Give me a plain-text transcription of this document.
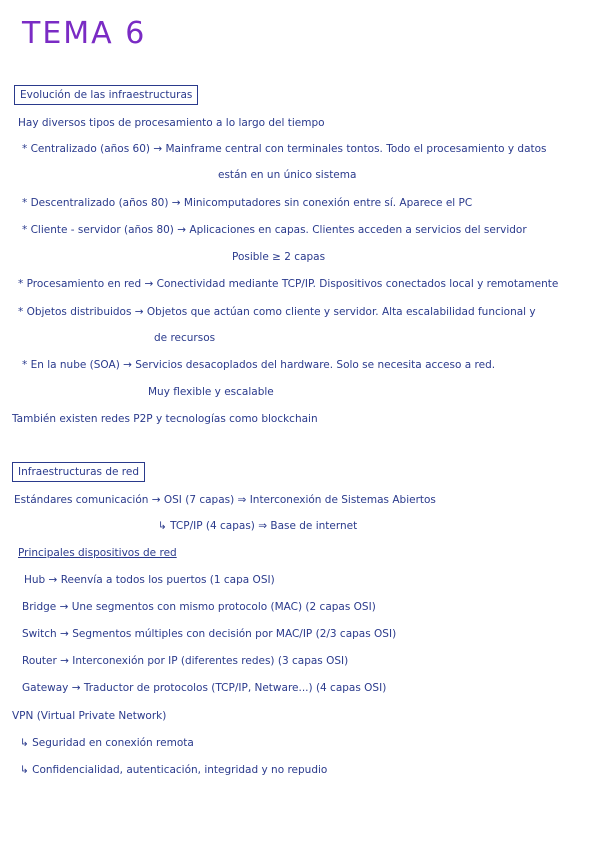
TEMA 6
Evolución de las infraestructuras
Hay diversos tipos de procesamiento a lo largo del tiempo
* Centralizado (años 60) → Mainframe central con terminales tontos. Todo el procesamiento y datos
están en un único sistema
* Descentralizado (años 80) → Minicomputadores sin conexión entre sí. Aparece el PC
* Cliente - servidor (años 80) → Aplicaciones en capas. Clientes acceden a servicios del servidor
Posible ≥ 2 capas
* Procesamiento en red → Conectividad mediante TCP/IP. Dispositivos conectados local y remotamente
* Objetos distribuidos → Objetos que actúan como cliente y servidor. Alta escalabilidad funcional y
de recursos
* En la nube (SOA) → Servicios desacoplados del hardware. Solo se necesita acceso a red.
Muy flexible y escalable
También existen redes P2P y tecnologías como blockchain
Infraestructuras de red
Estándares comunicación → OSI (7 capas) ⇒ Interconexión de Sistemas Abiertos
↳ TCP/IP (4 capas) ⇒ Base de internet
Principales dispositivos de red
Hub → Reenvía a todos los puertos (1 capa OSI)
Bridge → Une segmentos con mismo protocolo (MAC) (2 capas OSI)
Switch → Segmentos múltiples con decisión por MAC/IP (2/3 capas OSI)
Router → Interconexión por IP (diferentes redes) (3 capas OSI)
Gateway → Traductor de protocolos (TCP/IP, Netware...) (4 capas OSI)
VPN (Virtual Private Network)
↳ Seguridad en conexión remota
↳ Confidencialidad, autenticación, integridad y no repudio
